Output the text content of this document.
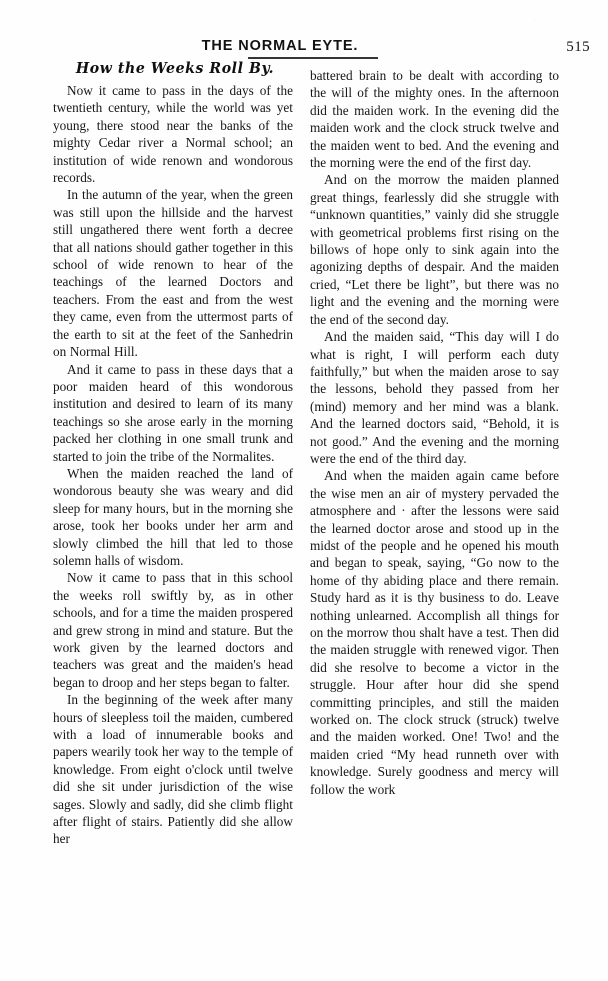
THE NORMAL EYTE.	515
How the Weeks Roll By.

Now it came to pass in the days of the twentieth century, while the world was yet young, there stood near the banks of the mighty Cedar river a Normal school; an institution of wide renown and wondorous records.

In the autumn of the year, when the green was still upon the hillside and the harvest still ungathered there went forth a decree that all nations should gather together in this school of wide renown to hear of the teachings of the learned Doctors and teachers. From the east and from the west they came, even from the uttermost parts of the earth to sit at the feet of the Sanhedrin on Normal Hill.

And it came to pass in these days that a poor maiden heard of this wondorous institution and desired to learn of its many teachings so she arose early in the morning packed her clothing in one small trunk and started to join the tribe of the Normalites.

When the maiden reached the land of wondorous beauty she was weary and did sleep for many hours, but in the morning she arose, took her books under her arm and slowly climbed the hill that led to those solemn halls of wisdom.

Now it came to pass that in this school the weeks roll swiftly by, as in other schools, and for a time the maiden prospered and grew strong in mind and stature. But the work given by the learned doctors and teachers was great and the maiden's head began to droop and her steps began to falter.

In the beginning of the week after many hours of sleepless toil the maiden, cumbered with a load of innumerable books and papers wearily took her way to the temple of knowledge. From eight o'clock until twelve did she sit under jurisdiction of the wise sages. Slowly and sadly, did she climb flight after flight of stairs. Patiently did she allow her

battered brain to be dealt with according to the will of the mighty ones. In the afternoon did the maiden work. In the evening did the maiden work and the clock struck twelve and the maiden went to bed. And the evening and the morning were the end of the first day.

And on the morrow the maiden planned great things, fearlessly did she struggle with “unknown quantities,” vainly did she struggle with geometrical problems first rising on the billows of hope only to sink again into the agonizing depths of despair. And the maiden cried, “Let there be light”, but there was no light and the evening and the morning were the end of the second day.

And the maiden said, “This day will I do what is right, I will perform each duty faithfully,” but when the maiden arose to say the lessons, behold they passed from her (mind) memory and her mind was a blank. And the learned doctors said, “Behold, it is not good.” And the evening and the morning were the end of the third day.

And when the maiden again came before the wise men an air of mystery pervaded the atmosphere and · after the lessons were said the learned doctor arose and stood up in the midst of the people and he opened his mouth and began to speak, saying, “Go now to the home of thy abiding place and there remain. Study hard as it is thy business to do. Leave nothing unlearned. Accomplish all things for on the morrow thou shalt have a test. Then did the maiden struggle with renewed vigor. Then did she resolve to become a victor in the struggle. Hour after hour did she spend committing principles, and still the maiden worked on. The clock struck (struck) twelve and the maiden worked. One! Two! and the maiden cried “My head runneth over with knowledge. Surely goodness and mercy will follow the work
